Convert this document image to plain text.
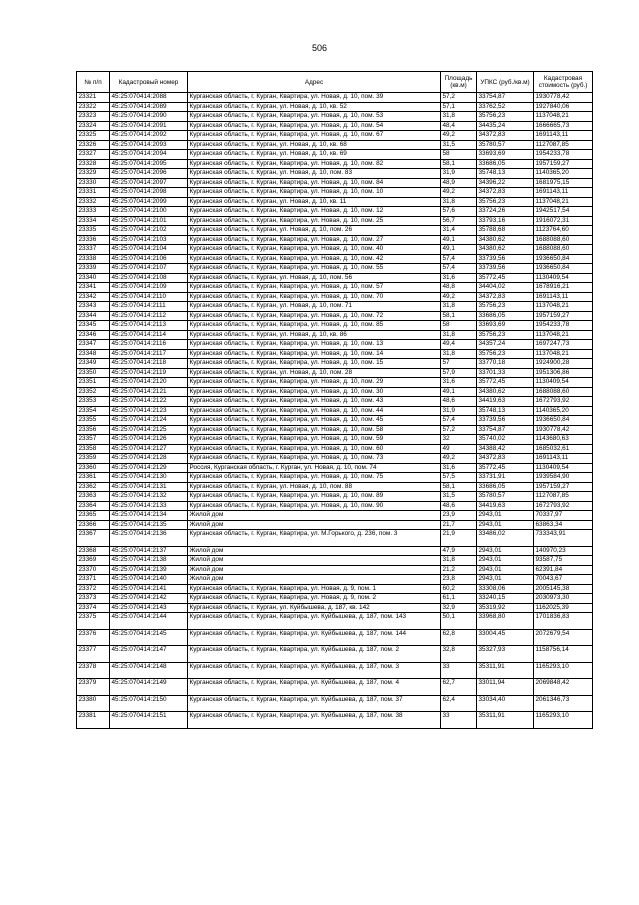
506
№ п/п	Кадастровый номер	Адрес	Площадь (кв.м)	УПКС (руб./кв.м)	Кадастровая стоимость (руб.)
23321	45:25:070414:2088	Курганская область, г. Курган, Квартира, ул. Новая, д. 10, пом. 39	57,2	33754,87	1930778,42
23322	45:25:070414:2089	Курганская область, г. Курган, ул. Новая, д. 10, кв. 52	57,1	33762,52	1927840,06
23323	45:25:070414:2090	Курганская область, г. Курган, Квартира, ул. Новая, д. 10, пом. 53	31,8	35756,23	1137048,21
23324	45:25:070414:2091	Курганская область, г. Курган, Квартира, ул. Новая, д. 10, пом. 54	48,4	34435,24	1666665,73
23325	45:25:070414:2092	Курганская область, г. Курган, Квартира, ул. Новая, д. 10, пом. 67	49,2	34372,83	1691143,11
23326	45:25:070414:2093	Курганская область, г. Курган, ул. Новая, д. 10, кв. 68	31,5	35780,57	1127087,85
23327	45:25:070414:2094	Курганская область, г. Курган, ул. Новая, д. 10, кв. 69	58	33693,69	1954233,78
23328	45:25:070414:2095	Курганская область, г. Курган, Квартира, ул. Новая, д. 10, пом. 82	58,1	33686,05	1957159,27
23329	45:25:070414:2096	Курганская область, г. Курган, ул. Новая, д. 10, пом. 83	31,9	35748,13	1140365,20
23330	45:25:070414:2097	Курганская область, г. Курган, Квартира, ул. Новая, д. 10, пом. 84	48,9	34396,22	1681975,15
23331	45:25:070414:2098	Курганская область, г. Курган, Квартира, ул. Новая, д. 10, пом. 10	49,2	34372,83	1691143,11
23332	45:25:070414:2099	Курганская область, г. Курган, ул. Новая, д. 10, кв. 11	31,8	35756,23	1137048,21
23333	45:25:070414:2100	Курганская область, г. Курган, Квартира, ул. Новая, д. 10, пом. 12	57,6	33724,26	1942517,54
23334	45:25:070414:2101	Курганская область, г. Курган, Квартира, ул. Новая, д. 10, пом. 25	56,7	33793,16	1916072,31
23335	45:25:070414:2102	Курганская область, г. Курган, ул. Новая, д. 10, пом. 26	31,4	35788,68	1123764,60
23336	45:25:070414:2103	Курганская область, г. Курган, Квартира, ул. Новая, д. 10, пом. 27	49,1	34380,62	1688088,60
23337	45:25:070414:2104	Курганская область, г. Курган, Квартира, ул. Новая, д. 10, пом. 40	49,1	34380,62	1688088,60
23338	45:25:070414:2106	Курганская область, г. Курган, Квартира, ул. Новая, д. 10, пом. 42	57,4	33739,56	1936650,84
23339	45:25:070414:2107	Курганская область, г. Курган, Квартира, ул. Новая, д. 10, пом. 55	57,4	33739,56	1936650,84
23340	45:25:070414:2108	Курганская область, г. Курган, ул. Новая, д. 10, пом. 56	31,6	35772,45	1130409,54
23341	45:25:070414:2109	Курганская область, г. Курган, Квартира, ул. Новая, д. 10, пом. 57	48,8	34404,02	1678916,21
23342	45:25:070414:2110	Курганская область, г. Курган, Квартира, ул. Новая, д. 10, пом. 70	49,2	34372,83	1691143,11
23343	45:25:070414:2111	Курганская область, г. Курган, ул. Новая, д. 10, пом. 71	31,8	35756,23	1137048,21
23344	45:25:070414:2112	Курганская область, г. Курган, Квартира, ул. Новая, д. 10, пом. 72	58,1	33686,05	1957159,27
23345	45:25:070414:2113	Курганская область, г. Курган, Квартира, ул. Новая, д. 10, пом. 85	58	33693,69	1954233,78
23346	45:25:070414:2114	Курганская область, г. Курган, ул. Новая, д. 10, кв. 86	31,8	35756,23	1137048,21
23347	45:25:070414:2116	Курганская область, г. Курган, Квартира, ул. Новая, д. 10, пом. 13	49,4	34357,24	1697247,73
23348	45:25:070414:2117	Курганская область, г. Курган, Квартира, ул. Новая, д. 10, пом. 14	31,8	35756,23	1137048,21
23349	45:25:070414:2118	Курганская область, г. Курган, Квартира, ул. Новая, д. 10, пом. 15	57	33770,18	1924900,28
23350	45:25:070414:2119	Курганская область, г. Курган, ул. Новая, д. 10, пом. 28	57,9	33701,33	1951306,86
23351	45:25:070414:2120	Курганская область, г. Курган, Квартира, ул. Новая, д. 10, пом. 29	31,6	35772,45	1130409,54
23352	45:25:070414:2121	Курганская область, г. Курган, Квартира, ул. Новая, д. 10, пом. 30	49,1	34380,62	1688088,60
23353	45:25:070414:2122	Курганская область, г. Курган, Квартира, ул. Новая, д. 10, пом. 43	48,6	34419,63	1672793,92
23354	45:25:070414:2123	Курганская область, г. Курган, Квартира, ул. Новая, д. 10, пом. 44	31,9	35748,13	1140365,20
23355	45:25:070414:2124	Курганская область, г. Курган, Квартира, ул. Новая, д. 10, пом. 45	57,4	33739,56	1936650,84
23356	45:25:070414:2125	Курганская область, г. Курган, Квартира, ул. Новая, д. 10, пом. 58	57,2	33754,87	1930778,42
23357	45:25:070414:2126	Курганская область, г. Курган, Квартира, ул. Новая, д. 10, пом. 59	32	35740,02	1143680,63
23358	45:25:070414:2127	Курганская область, г. Курган, Квартира, ул. Новая, д. 10, пом. 60	49	34388,42	1685032,61
23359	45:25:070414:2128	Курганская область, г. Курган, Квартира, ул. Новая, д. 10, пом. 73	49,2	34372,83	1691143,11
23360	45:25:070414:2129	Россия, Курганская область, г. Курган, ул. Новая, д. 10, пом. 74	31,6	35772,45	1130409,54
23361	45:25:070414:2130	Курганская область, г. Курган, Квартира, ул. Новая, д. 10, пом. 75	57,5	33731,91	1939584,90
23362	45:25:070414:2131	Курганская область, г. Курган, ул. Новая, д. 10, пом. 88	58,1	33686,05	1957159,27
23363	45:25:070414:2132	Курганская область, г. Курган, Квартира, ул. Новая, д. 10, пом. 89	31,5	35780,57	1127087,85
23364	45:25:070414:2133	Курганская область, г. Курган, Квартира, ул. Новая, д. 10, пом. 90	48,6	34419,63	1672793,92
23365	45:25:070414:2134	Жилой дом	23,9	2943,01	70337,97
23366	45:25:070414:2135	Жилой дом	21,7	2943,01	63863,34
23367	45:25:070414:2136	Курганская область, г. Курган, Квартира, ул. М.Горького, д. 236, пом. 3	21,9	33486,02	733343,91
23368	45:25:070414:2137	Жилой дом	47,9	2943,01	140970,23
23369	45:25:070414:2138	Жилой дом	31,8	2943,01	93587,75
23370	45:25:070414:2139	Жилой дом	21,2	2943,01	62391,84
23371	45:25:070414:2140	Жилой дом	23,8	2943,01	70043,67
23372	45:25:070414:2141	Курганская область, г. Курган, Квартира, ул. Новая, д. 9, пом. 1	60,2	33308,06	2005145,38
23373	45:25:070414:2142	Курганская область, г. Курган, Квартира, ул. Новая, д. 9, пом. 2	61,1	33240,15	2030973,30
23374	45:25:070414:2143	Курганская область, г. Курган, ул. Куйбышева, д. 187, кв. 142	32,9	35319,92	1162025,39
23375	45:25:070414:2144	Курганская область, г. Курган, Квартира, ул. Куйбышева, д. 187, пом. 143	50,1	33968,80	1701836,83
23376	45:25:070414:2145	Курганская область, г. Курган, Квартира, ул. Куйбышева, д. 187, пом. 144	62,8	33004,45	2072679,54
23377	45:25:070414:2147	Курганская область, г. Курган, Квартира, ул. Куйбышева, д. 187, пом. 2	32,8	35327,93	1158756,14
23378	45:25:070414:2148	Курганская область, г. Курган, Квартира, ул. Куйбышева, д. 187, пом. 3	33	35311,91	1165293,10
23379	45:25:070414:2149	Курганская область, г. Курган, Квартира, ул. Куйбышева, д. 187, пом. 4	62,7	33011,94	2069848,42
23380	45:25:070414:2150	Курганская область, г. Курган, Квартира, ул. Куйбышева, д. 187, пом. 37	62,4	33034,40	2061346,73
23381	45:25:070414:2151	Курганская область, г. Курган, Квартира, ул. Куйбышева, д. 187, пом. 38	33	35311,91	1165293,10
